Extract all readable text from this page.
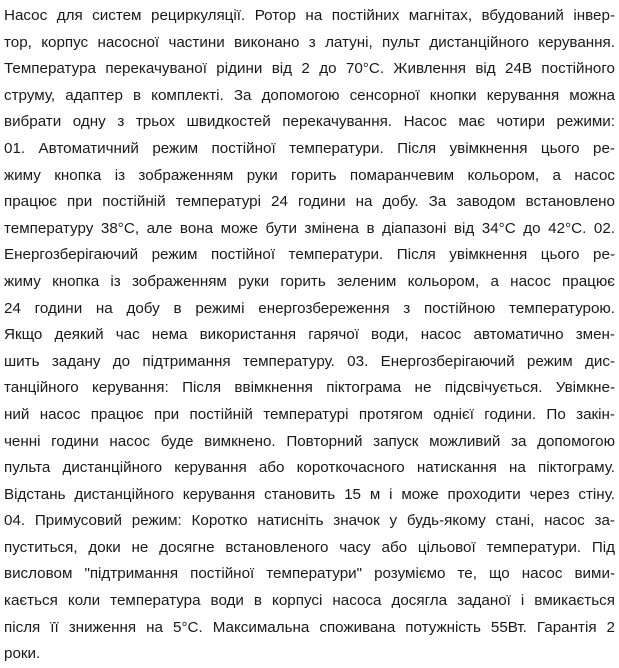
Насос для систем рециркуляції. Ротор на постійних магнітах, вбудований інвер-
тор, корпус насосної частини виконано з латуні, пульт дистанційного керування.
Температура перекачуваної рідини від 2 до 70°C. Живлення від 24В постійного
струму, адаптер в комплекті. За допомогою сенсорної кнопки керування можна
вибрати одну з трьох швидкостей перекачування. Насос має чотири режими:
01. Автоматичний режим постійної температури. Після увімкнення цього ре-
жиму кнопка із зображенням руки горить помаранчевим кольором, а насос
працює при постійній температурі 24 години на добу. За заводом встановлено
температуру 38°C, але вона може бути змінена в діапазоні від 34°C до 42°C. 02.
Енергозберігаючий режим постійної температури. Після увімкнення цього ре-
жиму кнопка із зображенням руки горить зеленим кольором, а насос працює
24 години на добу в режимі енергозбереження з постійною температурою.
Якщо деякий час нема використання гарячої води, насос автоматично змен-
шить задану до підтримання температуру. 03. Енергозберігаючий режим дис-
танційного керування: Після ввімкнення піктограма не підсвічується. Увімкне-
ний насос працює при постійній температурі протягом однієї години. По закін-
ченні години насос буде вимкнено. Повторний запуск можливий за допомогою
пульта дистанційного керування або короткочасного натискання на піктограму.
Відстань дистанційного керування становить 15 м і може проходити через стіну.
04. Примусовий режим: Коротко натисніть значок у будь-якому стані, насос за-
пуститься, доки не досягне встановленого часу або цільової температури. Під
висловом "підтримання постійної температури" розуміємо те, що насос вими-
кається коли температура води в корпусі насоса досягла заданої і вмикається
після її зниження на 5°C. Максимальна споживана потужність 55Вт. Гарантія 2
роки.
